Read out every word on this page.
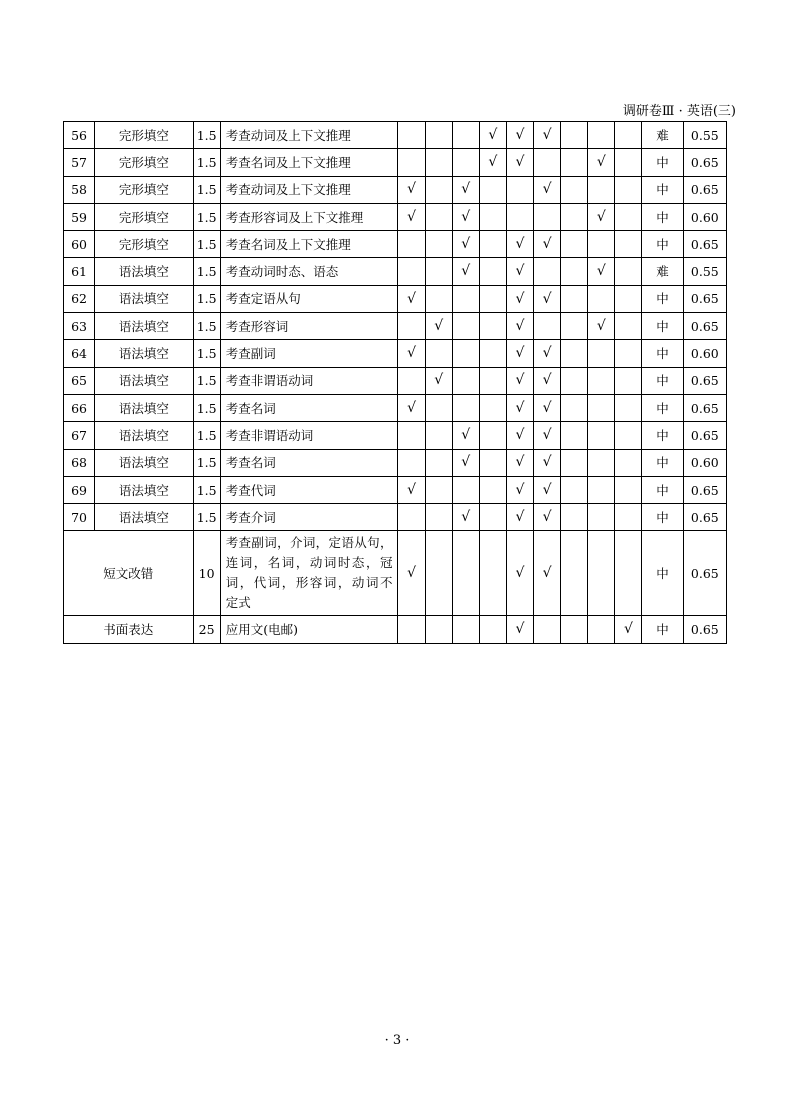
调研卷Ⅲ · 英语(三)
56	完形填空	1.5	考查动词及上下文推理				√	√	√				难	0.55
57	完形填空	1.5	考查名词及上下文推理				√	√			√		中	0.65
58	完形填空	1.5	考查动词及上下文推理	√		√			√				中	0.65
59	完形填空	1.5	考查形容词及上下文推理	√		√					√		中	0.60
60	完形填空	1.5	考查名词及上下文推理			√		√	√				中	0.65
61	语法填空	1.5	考查动词时态、语态			√		√			√		难	0.55
62	语法填空	1.5	考查定语从句	√				√	√				中	0.65
63	语法填空	1.5	考查形容词		√			√			√		中	0.65
64	语法填空	1.5	考查副词	√				√	√				中	0.60
65	语法填空	1.5	考查非谓语动词		√			√	√				中	0.65
66	语法填空	1.5	考查名词	√				√	√				中	0.65
67	语法填空	1.5	考查非谓语动词			√		√	√				中	0.65
68	语法填空	1.5	考查名词			√		√	√				中	0.60
69	语法填空	1.5	考查代词	√				√	√				中	0.65
70	语法填空	1.5	考查介词			√		√	√				中	0.65
短文改错		10	考查副词，介词，定语从句，
连词，名词，动词时态，冠
词，代词，形容词，动词不
定式	√				√	√				中	0.65
书面表达		25	应用文(电邮)					√				√	中	0.65
· 3 ·
